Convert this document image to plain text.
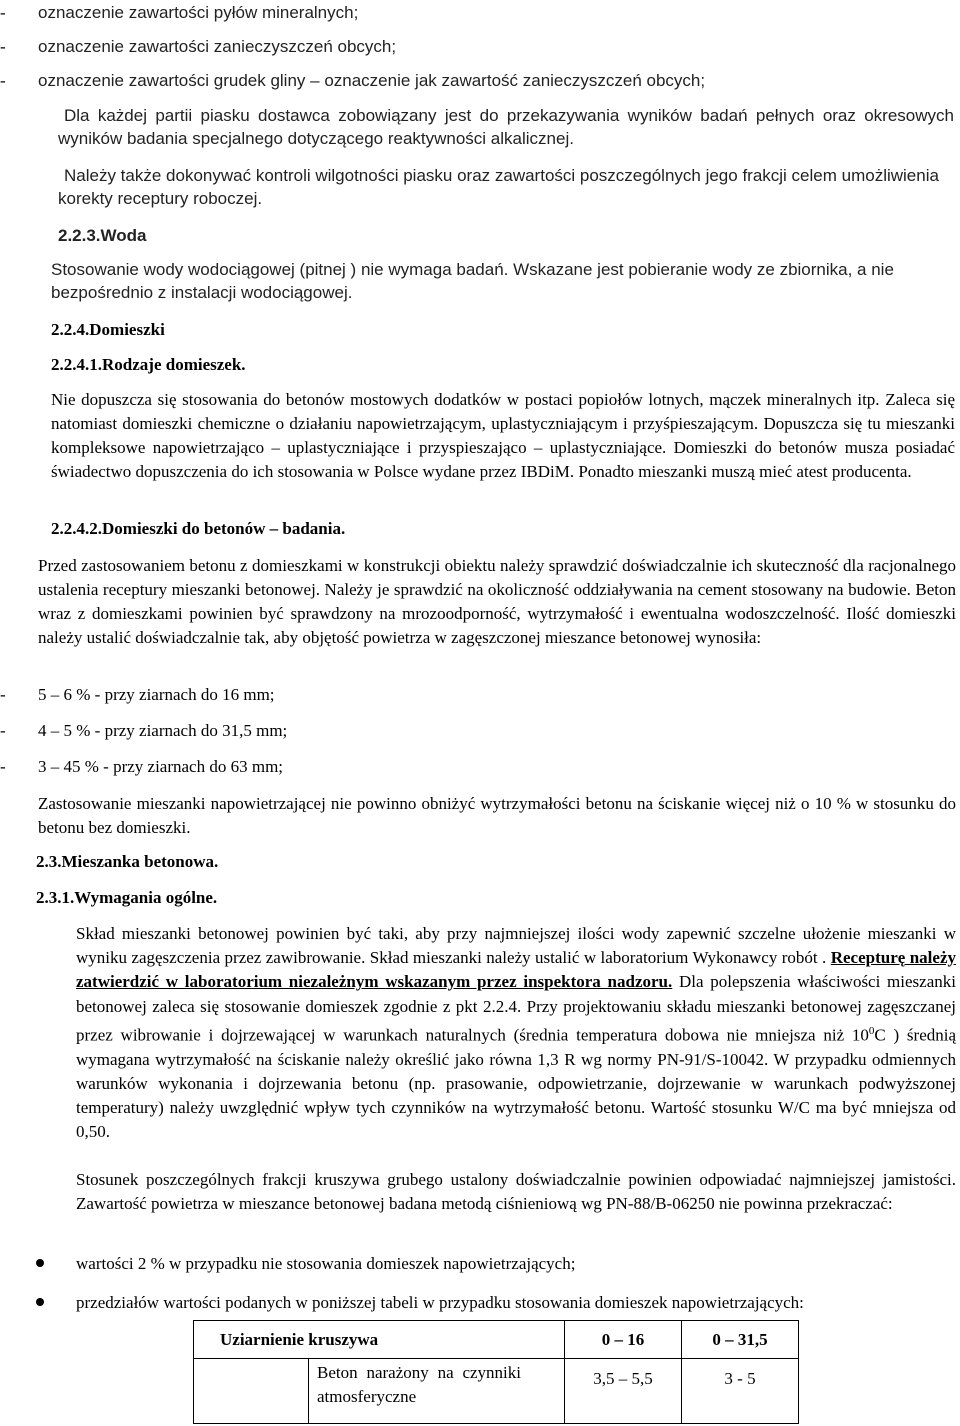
- oznaczenie zawartości pyłów mineralnych;
- oznaczenie zawartości zanieczyszczeń obcych;
- oznaczenie zawartości grudek gliny – oznaczenie jak zawartość zanieczyszczeń obcych;
Dla każdej partii piasku dostawca zobowiązany jest do przekazywania wyników badań pełnych oraz okresowych wyników badania specjalnego dotyczącego reaktywności alkalicznej.
Należy także dokonywać kontroli wilgotności piasku oraz zawartości poszczególnych jego frakcji celem umożliwienia korekty receptury roboczej.
2.2.3.Woda
Stosowanie wody wodociągowej (pitnej ) nie wymaga badań. Wskazane jest pobieranie wody ze zbiornika, a nie bezpośrednio z instalacji wodociągowej.
2.2.4.Domieszki
2.2.4.1.Rodzaje domieszek.
Nie dopuszcza się stosowania do betonów mostowych dodatków w postaci popiołów lotnych, mączek mineralnych itp. Zaleca się natomiast domieszki chemiczne o działaniu napowietrzającym, uplastyczniającym i przyśpieszającym. Dopuszcza się tu mieszanki kompleksowe napowietrzająco – uplastyczniające i przyspieszająco – uplastyczniające. Domieszki do betonów musza posiadać świadectwo dopuszczenia do ich stosowania w Polsce wydane przez IBDiM. Ponadto mieszanki muszą mieć atest producenta.
2.2.4.2.Domieszki do betonów – badania.
Przed zastosowaniem betonu z domieszkami w konstrukcji obiektu należy sprawdzić doświadczalnie ich skuteczność dla racjonalnego ustalenia receptury mieszanki betonowej. Należy je sprawdzić na okoliczność oddziaływania na cement stosowany na budowie. Beton wraz z domieszkami powinien być sprawdzony na mrozoodporność, wytrzymałość i ewentualna wodoszczelność. Ilość domieszki należy ustalić doświadczalnie tak, aby objętość powietrza w zagęszczonej mieszance betonowej wynosiła:
- 5 – 6 % - przy ziarnach do 16 mm;
- 4 – 5 % - przy ziarnach do 31,5 mm;
- 3 – 45 % - przy ziarnach do 63 mm;
Zastosowanie mieszanki napowietrzającej nie powinno obniżyć wytrzymałości betonu na ściskanie więcej niż o 10 % w stosunku do betonu bez domieszki.
2.3.Mieszanka betonowa.
2.3.1.Wymagania ogólne.
Skład mieszanki betonowej powinien być taki, aby przy najmniejszej ilości wody zapewnić szczelne ułożenie mieszanki w wyniku zagęszczenia przez zawibrowanie. Skład mieszanki należy ustalić w laboratorium Wykonawcy robót . Recepturę należy zatwierdzić w laboratorium niezależnym wskazanym przez inspektora nadzoru. Dla polepszenia właściwości mieszanki betonowej zaleca się stosowanie domieszek zgodnie z pkt 2.2.4. Przy projektowaniu składu mieszanki betonowej zagęszczanej przez wibrowanie i dojrzewającej w warunkach naturalnych (średnia temperatura dobowa nie mniejsza niż $10^0C$ ) średnią wymagana wytrzymałość na ściskanie należy określić jako równa 1,3 R wg normy PN-91/S-10042. W przypadku odmiennych warunków wykonania i dojrzewania betonu (np. prasowanie, odpowietrzanie, dojrzewanie w warunkach podwyższonej temperatury) należy uwzględnić wpływ tych czynników na wytrzymałość betonu. Wartość stosunku W/C ma być mniejsza od 0,50.
Stosunek poszczególnych frakcji kruszywa grubego ustalony doświadczalnie powinien odpowiadać najmniejszej jamistości. Zawartość powietrza w mieszance betonowej badana metodą ciśnieniową wg PN-88/B-06250 nie powinna przekraczać:
wartości 2 % w przypadku nie stosowania domieszek napowietrzających;
przedziałów wartości podanych w poniższej tabeli w przypadku stosowania domieszek napowietrzających:
Uziarnienie kruszywa	0 – 16	0 – 31,5

Beton narażony na czynniki atmosferyczne	3,5 – 5,5	3 - 5
